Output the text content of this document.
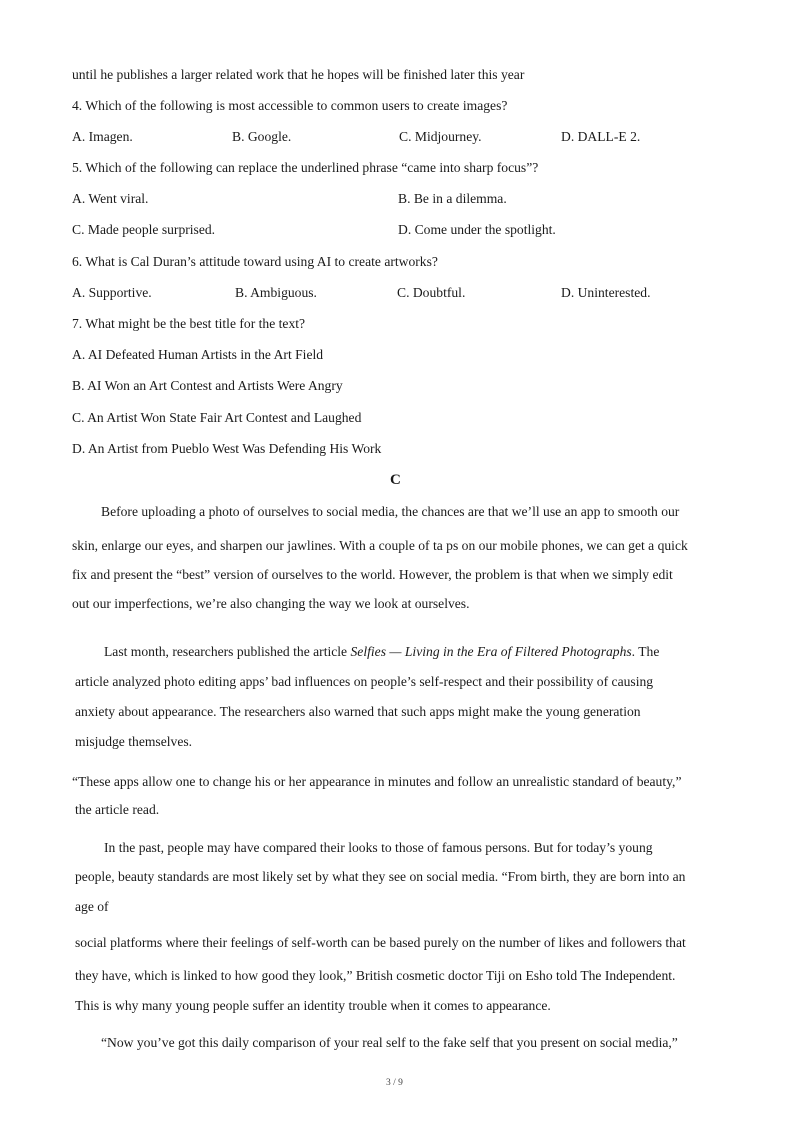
until he publishes a larger related work that he hopes will be finished later this year
4. Which of the following is most accessible to common users to create images?
A. Imagen.	B. Google.	C. Midjourney.	D. DALL-E 2.
5. Which of the following can replace the underlined phrase “came into sharp focus”?
A. Went viral.	B. Be in a dilemma.
C. Made people surprised.	D. Come under the spotlight.
6. What is Cal Duran’s attitude toward using AI to create artworks?
A. Supportive.	B. Ambiguous.	C. Doubtful.	D. Uninterested.
7. What might be the best title for the text?
A. AI Defeated Human Artists in the Art Field
B. AI Won an Art Contest and Artists Were Angry
C. An Artist Won State Fair Art Contest and Laughed
D. An Artist from Pueblo West Was Defending His Work
C
Before uploading a photo of ourselves to social media, the chances are that we’ll use an app to smooth our
skin, enlarge our eyes, and sharpen our jawlines. With a couple of ta ps on our mobile phones, we can get a quick
fix and present the “best” version of ourselves to the world. However, the problem is that when we simply edit
out our imperfections, we’re also changing the way we look at ourselves.
Last month, researchers published the article Selfies — Living in the Era of Filtered Photographs. The
article analyzed photo editing apps’ bad influences on people’s self-respect and their possibility of causing
anxiety about appearance. The researchers also warned that such apps might make the young generation
misjudge themselves.
“These apps allow one to change his or her appearance in minutes and follow an unrealistic standard of beauty,”
the article read.
In the past, people may have compared their looks to those of famous persons. But for today’s young
people, beauty standards are most likely set by what they see on social media. “From birth, they are born into an
age of
social platforms where their feelings of self-worth can be based purely on the number of likes and followers that
they have, which is linked to how good they look,” British cosmetic doctor Tiji on Esho told The Independent.
This is why many young people suffer an identity trouble when it comes to appearance.
“Now you’ve got this daily comparison of your real self to the fake self that you present on social media,”
3 / 9
